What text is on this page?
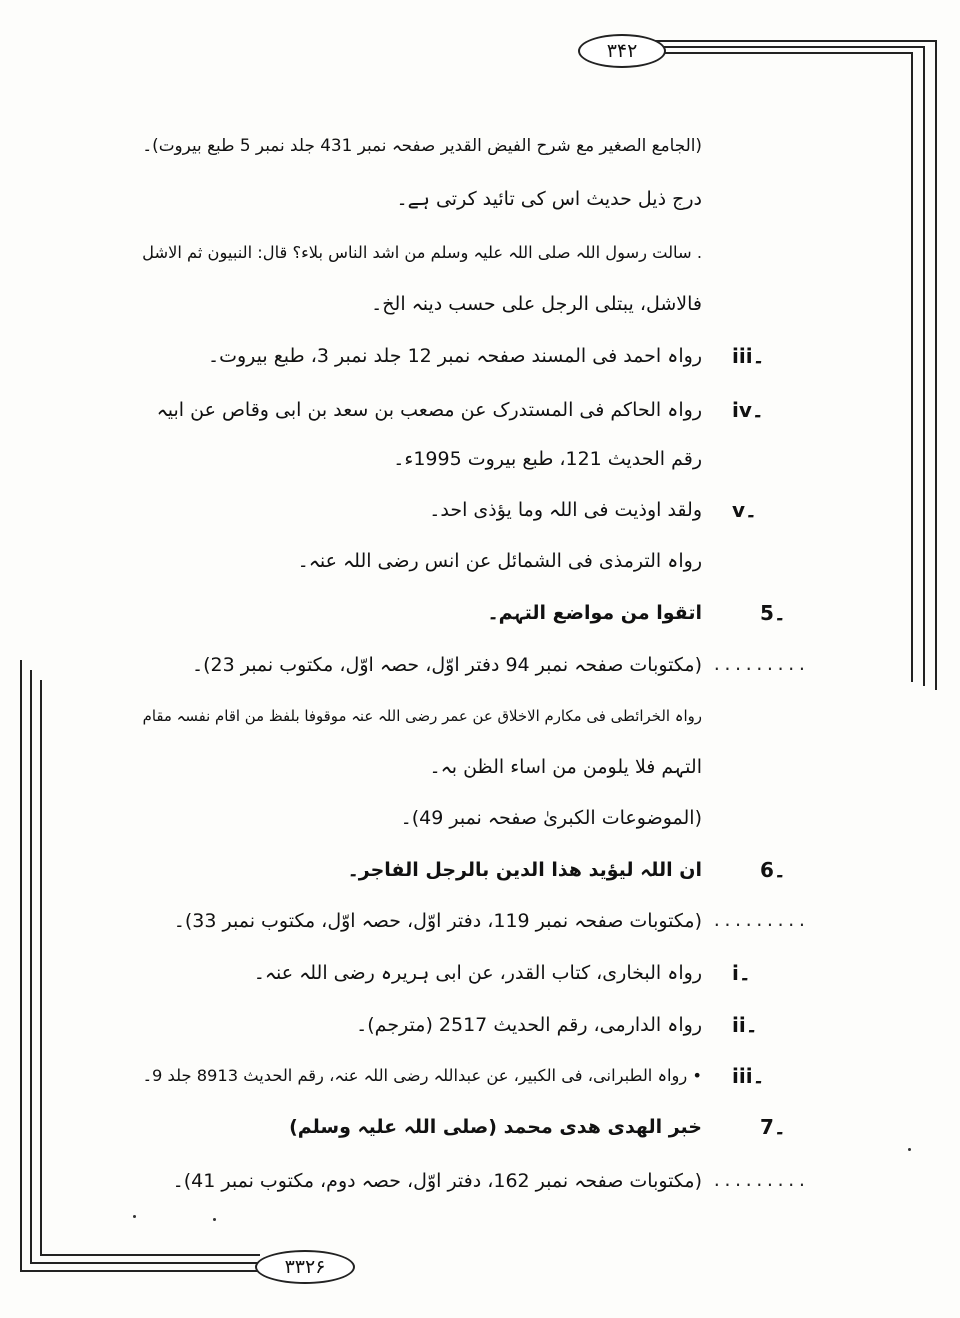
۳۴۲
۳۳۲۶
(الجامع الصغیر مع شرح الفیض القدیر صفحہ نمبر 431 جلد نمبر 5 طبع بیروت)۔
درج ذیل حدیث اس کی تائید کرتی ہے۔
. سالت رسول اللہ صلی اللہ علیہ وسلم من اشد الناس بلاء؟ قال: النبیون ثم الاشل
فالاشل، یبتلی الرجل علی حسب دینہ الخ۔
iii۔
رواہ احمد فی المسند صفحہ نمبر 12 جلد نمبر 3، طبع بیروت۔
iv۔
رواہ الحاکم فی المستدرک عن مصعب بن سعد بن ابی وقاص عن ابیہ
رقم الحدیث 121، طبع بیروت 1995ء۔
v۔
ولقد اوذیت فی اللہ وما یؤذی احد۔
رواہ الترمذی فی الشمائل عن انس رضی اللہ عنہ۔
5۔
اتقوا من مواضع التہم۔
.........
(مکتوبات صفحہ نمبر 94 دفتر اوّل، حصہ اوّل، مکتوب نمبر 23)۔
رواہ الخرائطی فی مکارم الاخلاق عن عمر رضی اللہ عنہ موقوفا بلفظ من اقام نفسہ مقام
التہم فلا یلومن من اساء الظن بہ۔
(الموضوعات الکبریٰ صفحہ نمبر 49)۔
6۔
ان اللہ لیؤید ھذا الدین بالرجل الفاجر۔
.........
(مکتوبات صفحہ نمبر 119، دفتر اوّل، حصہ اوّل، مکتوب نمبر 33)۔
i۔
رواہ البخاری، کتاب القدر، عن ابی ہریرہ رضی اللہ عنہ۔
ii۔
رواہ الدارمی، رقم الحدیث 2517 (مترجم)۔
iii۔
• رواہ الطبرانی، فی الکبیر، عن عبداللہ رضی اللہ عنہ، رقم الحدیث 8913 جلد 9۔
7۔
خبر الھدی ھدی محمد (صلی اللہ علیہ وسلم)
.........
(مکتوبات صفحہ نمبر 162، دفتر اوّل، حصہ دوم، مکتوب نمبر 41)۔
